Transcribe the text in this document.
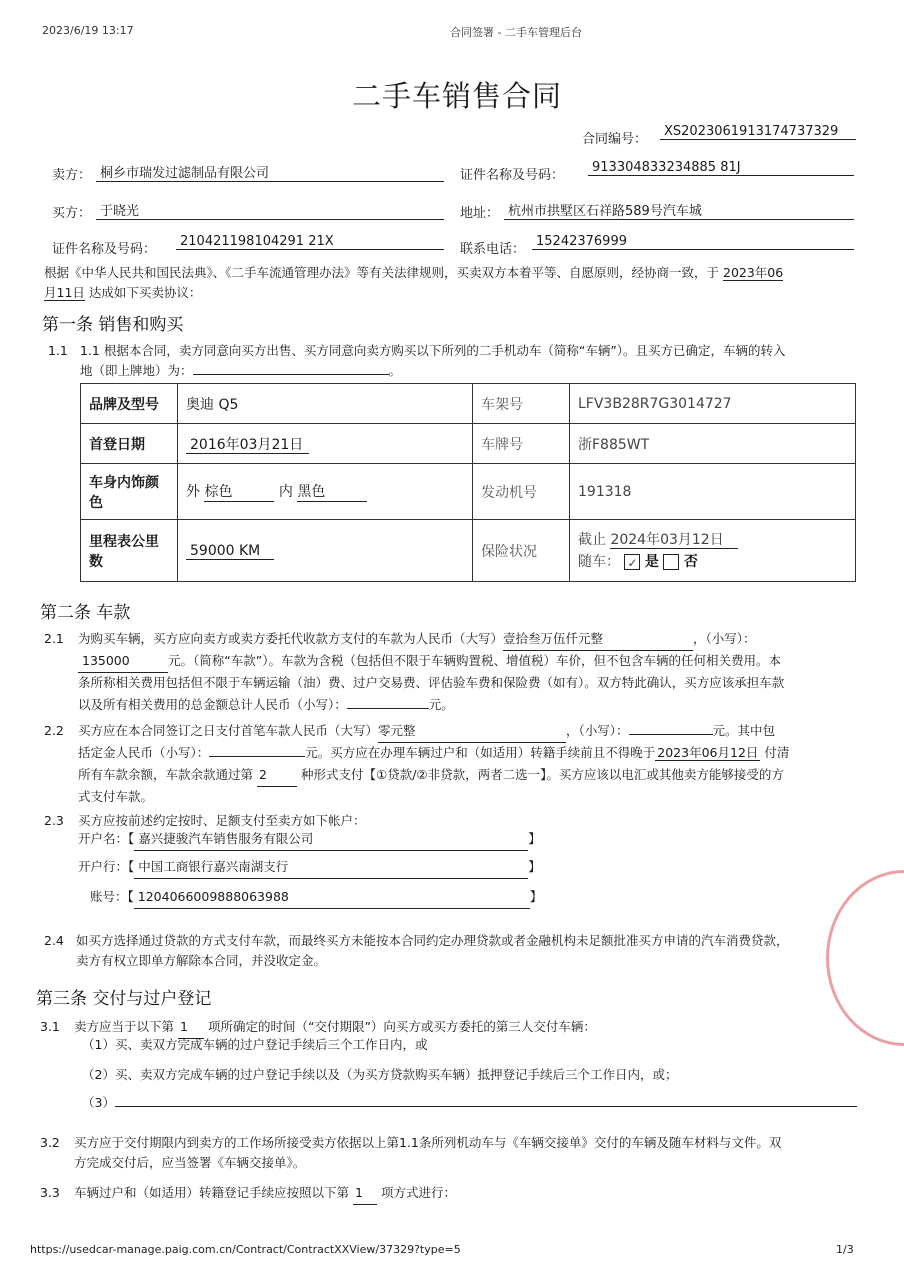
2023/6/19 13:17	合同签署 - 二手车管理后台
二手车销售合同
合同编号：
XS2023061913174737329
卖方： 桐乡市瑞发过滤制品有限公司	证件名称及号码：
913304833234885 81J
买方： 于晓光	地址： 杭州市拱墅区石祥路589号汽车城
证件名称及号码：
210421198104291 21X
联系电话：
15242376999
根据《中华人民共和国民法典》、《二手车流通管理办法》等有关法律规则，买卖双方本着平等、自愿原则，经协商一致，于 2023年06
月11日 达成如下买卖协议：
第一条 销售和购买
1.1 1.1 根据本合同，卖方同意向买方出售、买方同意向卖方购买以下所列的二手机动车（简称“车辆”）。且买方已确定，车辆的转入
地（即上牌地）为：	。
品牌及型号	奥迪 Q5	车架号	LFV3B28R7G3014727
首登日期	2016年03月21日	车牌号	浙F885WT
车身内饰颜色	外 棕色 内 黑色	发动机号	191318
里程表公里数	59000 KM	保险状况	截止 2024年03月12日
随车： ✓ 是 否
第二条 车款
2.1 为购买车辆，买方应向卖方或卖方委托代收款方支付的车款为人民币（大写）壹拾叁万伍仟元整	，（小写）：
135000	元。（简称“车款”）。车款为含税（包括但不限于车辆购置税、增值税）车价，但不包含车辆的任何相关费用。本
条所称相关费用包括但不限于车辆运输（油）费、过户交易费、评估验车费和保险费（如有）。双方特此确认，买方应该承担车款
以及所有相关费用的总金额总计人民币（小写）：	元。
2.2 买方应在本合同签订之日支付首笔车款人民币（大写）零元整	，（小写）：	元。其中包
括定金人民币（小写）：	元。买方应在办理车辆过户和（如适用）转籍手续前且不得晚于 2023年06月12日 付清
所有车款余额，车款余款通过第 2	种形式支付【①贷款/②非贷款，两者二选一】。买方应该以电汇或其他卖方能够接受的方
式支付车款。
2.3 买方应按前述约定按时、足额支付至卖方如下帐户：
开户名：【 嘉兴捷骏汽车销售服务有限公司	】
开户行：【 中国工商银行嘉兴南湖支行	】
账号：【 1204066009888063988	】
2.4 如买方选择通过贷款的方式支付车款，而最终买方未能按本合同约定办理贷款或者金融机构未足额批准买方申请的汽车消费贷款，
卖方有权立即单方解除本合同，并没收定金。
第三条 交付与过户登记
3.1 卖方应当于以下第 1 项所确定的时间（“交付期限”）向买方或买方委托的第三人交付车辆：
（1）买、卖双方完成车辆的过户登记手续后三个工作日内，或
（2）买、卖双方完成车辆的过户登记手续以及（为买方贷款购买车辆）抵押登记手续后三个工作日内，或；
（3）
3.2 买方应于交付期限内到卖方的工作场所接受卖方依据以上第1.1条所列机动车与《车辆交接单》交付的车辆及随车材料与文件。双
方完成交付后，应当签署《车辆交接单》。
3.3 车辆过户和（如适用）转籍登记手续应按照以下第 1 项方式进行：
https://usedcar-manage.paig.com.cn/Contract/ContractXXView/37329?type=5	1/3
